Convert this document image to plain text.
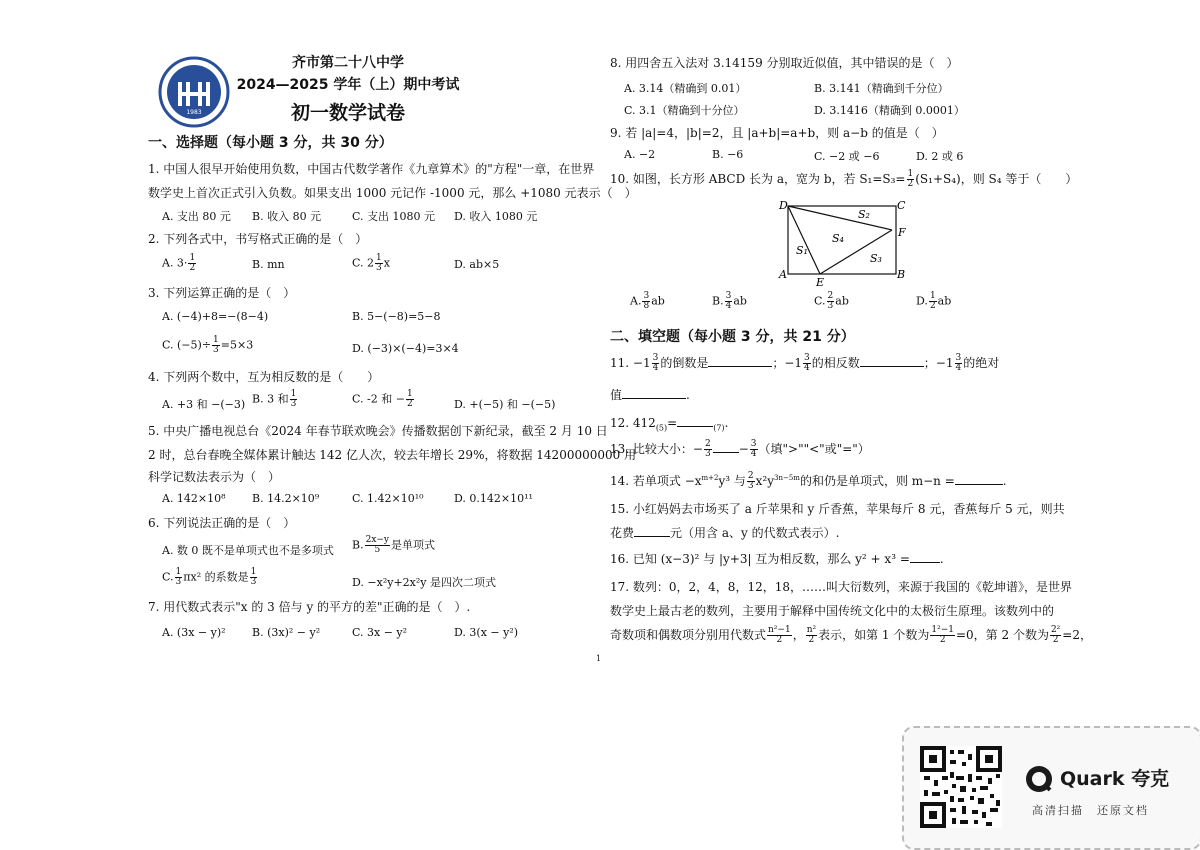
1983
齐市第二十八中学
2024—2025 学年（上）期中考试
初一数学试卷
一、选择题（每小题 3 分，共 30 分）
1. 中国人很早开始使用负数，中国古代数学著作《九章算术》的"方程"一章，在世界
数学史上首次正式引入负数。如果支出 1000 元记作 -1000 元，那么 +1080 元表示（　）
A. 支出 80 元 B. 收入 80 元	C. 支出 1080 元 D. 收入 1080 元
2. 下列各式中，书写格式正确的是（　）
A. $3\cdot \frac{1}{2}$	B. mn	C. $2 \frac{1}{3}$ x	D. ab×5
3. 下列运算正确的是（　）
A. (−4)+8=−(8−4)	B. 5−(−8)=5−8
C. $(-5)\div \frac{1}{3} =5\times 3$	D. (−3)×(−4)=3×4
4. 下列两个数中，互为相反数的是（　　）
A. +3 和 −(−3) B. 3 和 $\frac{1}{3}$	C. -2 和 − $\frac{1}{2}$	D. +(−5) 和 −(−5)
5. 中央广播电视总台《2024 年春节联欢晚会》传播数据创下新纪录，截至 2 月 10 日
2 时，总台春晚全媒体累计触达 142 亿人次，较去年增长 29%，将数据 14200000000 用
科学记数法表示为（　）
A. 142×10⁸ B. 14.2×10⁹	C. 1.42×10¹⁰	D. 0.142×10¹¹
6. 下列说法正确的是（　）
A. 数 0 既不是单项式也不是多项式 B. $\frac{2x-y}{5}$ 是单项式
C. $\frac{1}{3} \pi x^2$ 的系数是 $\frac{1}{3}$	D. −x²y+2x²y 是四次二项式
7. 用代数式表示"x 的 3 倍与 y 的平方的差"正确的是（　）.
A. (3x − y)² B. (3x)² − y²	C. 3x − y²	D. 3(x − y²)
8. 用四舍五入法对 3.14159 分别取近似值，其中错误的是（　）
A. 3.14（精确到 0.01）	B. 3.141（精确到千分位）
C. 3.1（精确到十分位）	D. 3.1416（精确到 0.0001）
9. 若 |a|=4，|b|=2，且 |a+b|=a+b，则 a−b 的值是（　）
A. −2	B. −6	C. −2 或 −6	D. 2 或 6
10. 如图，长方形 ABCD 长为 a，宽为 b，若 $S_1=S_3= \frac{1}{2} (S_1+S_4)$，则 S₄ 等于（　　）
D	C
A	B
E
F
S₁
S₂
S₃
S₄
A. $\frac{3}{8}$ ab	B. $\frac{3}{4}$ ab	C. $\frac{2}{3}$ ab	D. $\frac{1}{2}$ ab
二、填空题（每小题 3 分，共 21 分）
11. $-1 \frac{3}{4}$ 的倒数是	；$-1 \frac{3}{4}$ 的相反数	；$-1 \frac{3}{4}$ 的绝对
值	.
12. $412_{(5)}=$	$_{(7)}$.
13. 比较大小：− $\frac{2}{3} - \frac{3}{4}$ （填">""<"或"="）
14. 若单项式 $-x^{m+2}y^3$ 与 $\frac{2}{3} x^2y^{3n-5m}$的和仍是单项式，则 m−n =	.
15. 小红妈妈去市场买了 a 斤苹果和 y 斤香蕉，苹果每斤 8 元，香蕉每斤 5 元，则共
花费	元（用含 a、y 的代数式表示）.
16. 已知 (x−3)² 与 |y+3| 互为相反数，那么 y² + x³ =	.
17. 数列：0，2，4，8，12，18，……叫大衍数列，来源于我国的《乾坤谱》，是世界
数学史上最古老的数列，主要用于解释中国传统文化中的太极衍生原理。该数列中的
奇数项和偶数项分别用代数式 $\frac{\text{n²−1}}{2}$ ， $\frac{\text{n²}}{2}$ 表示，如第 1 个数为 $\frac{\text{1²−1}}{2} =0$，第 2 个数为 $\frac{\text{2²}}{2} =2$，
1
Quark 夸克
高清扫描　还原文档
